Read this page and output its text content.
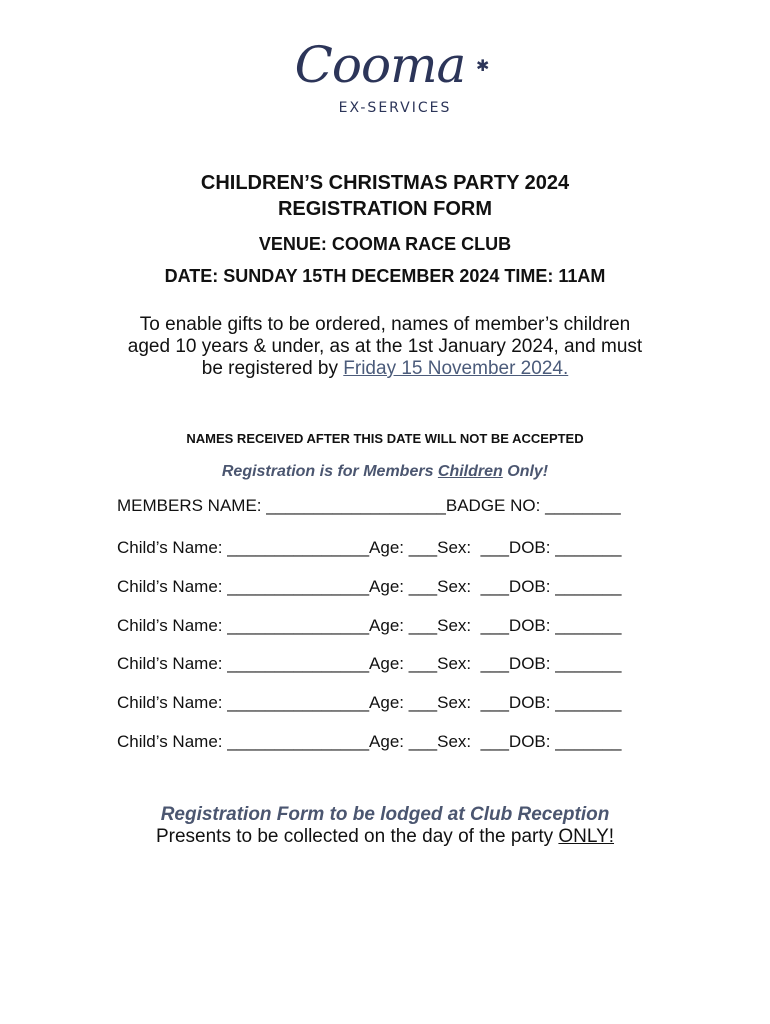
Cooma ✱
EX-SERVICES
CHILDREN’S CHRISTMAS PARTY 2024
REGISTRATION FORM
VENUE: COOMA RACE CLUB
DATE: SUNDAY 15TH DECEMBER 2024 TIME: 11AM
To enable gifts to be ordered, names of member’s children
aged 10 years & under, as at the 1st January 2024, and must
be registered by Friday 15 November 2024.
NAMES RECEIVED AFTER THIS DATE WILL NOT BE ACCEPTED
Registration is for Members Children Only!
MEMBERS NAME: ___________________BADGE NO: ________
Child’s Name: _______________Age: ___Sex:  ___DOB: _______
Child’s Name: _______________Age: ___Sex:  ___DOB: _______
Child’s Name: _______________Age: ___Sex:  ___DOB: _______
Child’s Name: _______________Age: ___Sex:  ___DOB: _______
Child’s Name: _______________Age: ___Sex:  ___DOB: _______
Child’s Name: _______________Age: ___Sex:  ___DOB: _______
Registration Form to be lodged at Club Reception
Presents to be collected on the day of the party ONLY!
